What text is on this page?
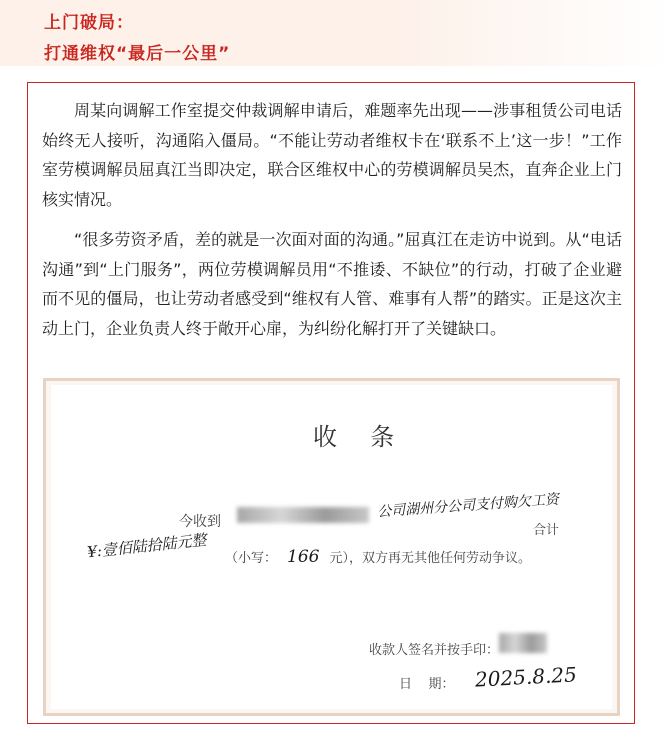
上门破局：
打通维权“最后一公里”

周某向调解工作室提交仲裁调解申请后，难题率先出现——涉事租赁公司电话始终无人接听，沟通陷入僵局。“不能让劳动者维权卡在‘联系不上’这一步！”工作室劳模调解员屈真江当即决定，联合区维权中心的劳模调解员吴杰，直奔企业上门核实情况。

“很多劳资矛盾，差的就是一次面对面的沟通。”屈真江在走访中说到。从“电话沟通”到“上门服务”，两位劳模调解员用“不推诿、不缺位”的行动，打破了企业避而不见的僵局，也让劳动者感受到“维权有人管、难事有人帮”的踏实。正是这次主动上门，企业负责人终于敞开心扉，为纠纷化解打开了关键缺口。

收  条
今收到
公司湖州分公司支付购欠工资
合计
¥:壹佰陆拾陆元整 （小写： 166 元），双方再无其他任何劳动争议。
收款人签名并按手印：
日    期： 2025.8.25
